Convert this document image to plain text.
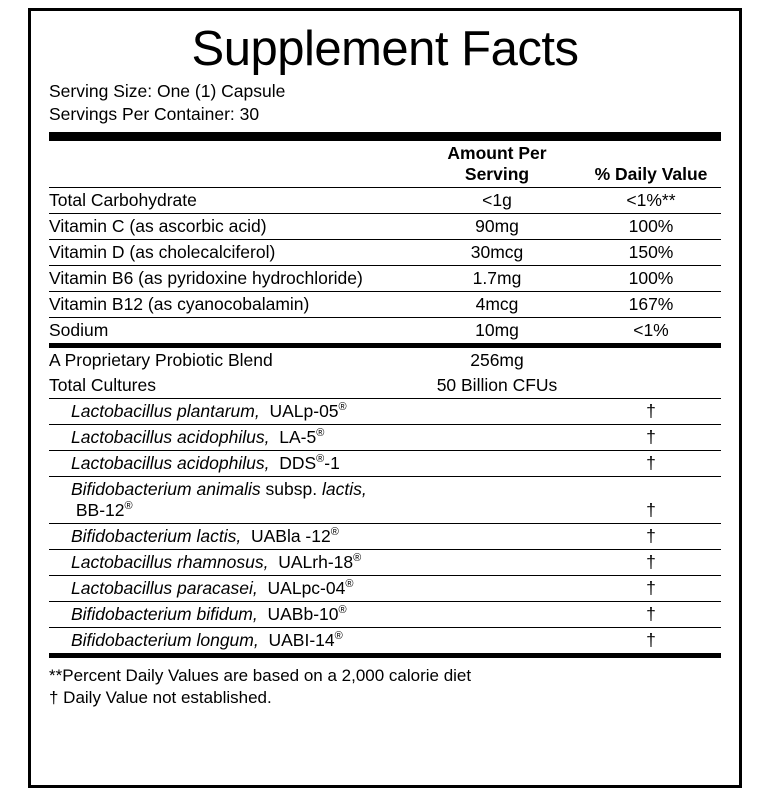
Supplement Facts
Serving Size: One (1) Capsule
Servings Per Container: 30
	Amount Per Serving	% Daily Value
Total Carbohydrate	<1g	<1%**
Vitamin C (as ascorbic acid)	90mg	100%
Vitamin D (as cholecalciferol)	30mcg	150%
Vitamin B6 (as pyridoxine hydrochloride)	1.7mg	100%
Vitamin B12 (as cyanocobalamin)	4mcg	167%
Sodium	10mg	<1%
A Proprietary Probiotic Blend	256mg	
Total Cultures	50 Billion CFUs	
Lactobacillus plantarum, UALp-05®		†
Lactobacillus acidophilus, LA-5®		†
Lactobacillus acidophilus, DDS®-1		†
Bifidobacterium animalis subsp. lactis,  BB-12®		†
Bifidobacterium lactis, UABla -12®		†
Lactobacillus rhamnosus, UALrh-18®		†
Lactobacillus paracasei, UALpc-04®		†
Bifidobacterium bifidum, UABb-10®		†
Bifidobacterium longum, UABI-14®		†
**Percent Daily Values are based on a 2,000 calorie diet
† Daily Value not established.
